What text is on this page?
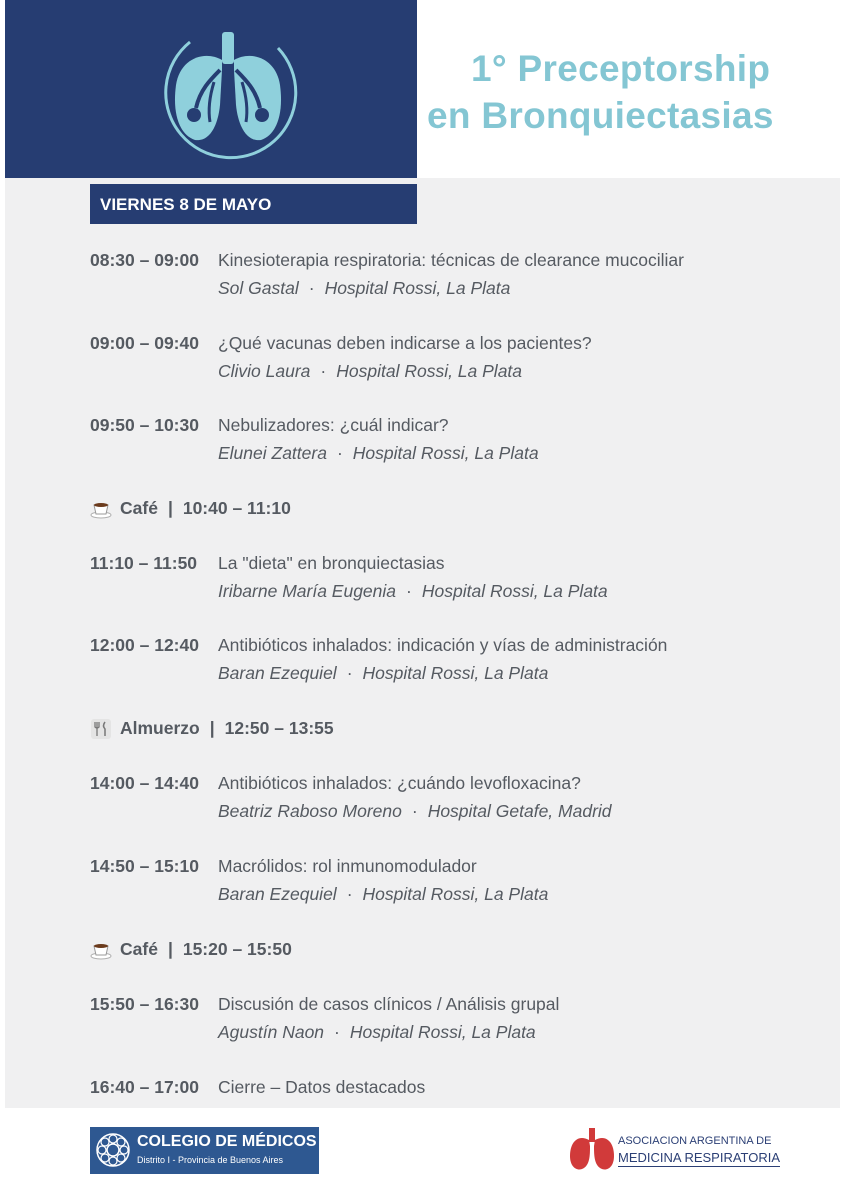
1° Preceptorship
en Bronquiectasias
VIERNES 8 DE MAYO
08:30 – 09:00 Kinesioterapia respiratoria: técnicas de clearance mucociliar
Sol Gastal · Hospital Rossi, La Plata
09:00 – 09:40 ¿Qué vacunas deben indicarse a los pacientes?
Clivio Laura · Hospital Rossi, La Plata
09:50 – 10:30 Nebulizadores: ¿cuál indicar?
Elunei Zattera · Hospital Rossi, La Plata
Café | 10:40 – 11:10
11:10 – 11:50 La "dieta" en bronquiectasias
Iribarne María Eugenia · Hospital Rossi, La Plata
12:00 – 12:40 Antibióticos inhalados: indicación y vías de administración
Baran Ezequiel · Hospital Rossi, La Plata
Almuerzo | 12:50 – 13:55
14:00 – 14:40 Antibióticos inhalados: ¿cuándo levofloxacina?
Beatriz Raboso Moreno · Hospital Getafe, Madrid
14:50 – 15:10 Macrólidos: rol inmunomodulador
Baran Ezequiel · Hospital Rossi, La Plata
Café | 15:20 – 15:50
15:50 – 16:30 Discusión de casos clínicos / Análisis grupal
Agustín Naon · Hospital Rossi, La Plata
16:40 – 17:00 Cierre – Datos destacados
COLEGIO DE MÉDICOS
Distrito I - Provincia de Buenos Aires
ASOCIACION ARGENTINA DE
MEDICINA RESPIRATORIA
